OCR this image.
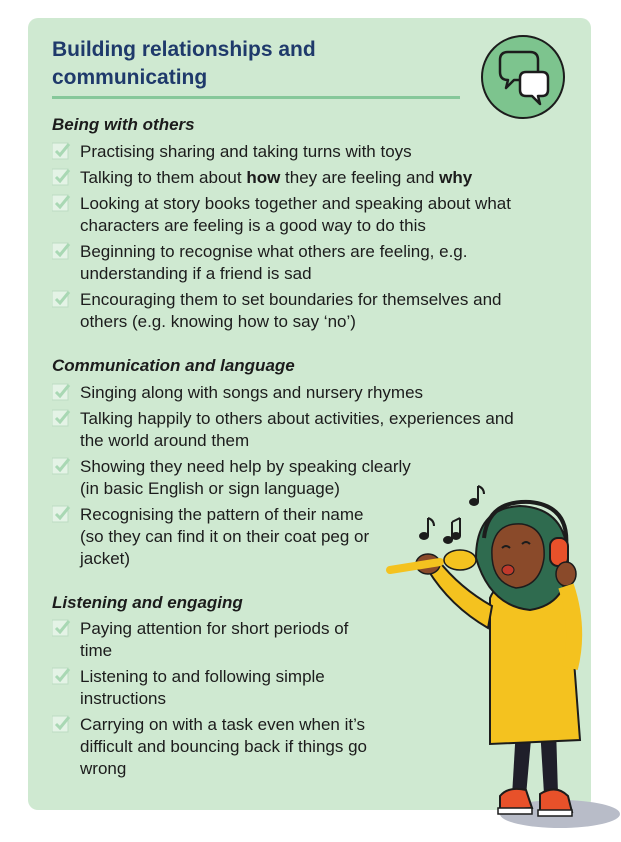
Building relationships and
communicating
Being with others
Practising sharing and taking turns with toys
Talking to them about how they are feeling and why
Looking at story books together and speaking about what characters are feeling is a good way to do this
Beginning to recognise what others are feeling, e.g. understanding if a friend is sad
Encouraging them to set boundaries for themselves and others (e.g. knowing how to say ‘no’)
Communication and language
Singing along with songs and nursery rhymes
Talking happily to others about activities, experiences and the world around them
Showing they need help by speaking clearly (in basic English or sign language)
Recognising the pattern of their name (so they can find it on their coat peg or jacket)
Listening and engaging
Paying attention for short periods of time
Listening to and following simple instructions
Carrying on with a task even when it’s difficult and bouncing back if things go wrong
